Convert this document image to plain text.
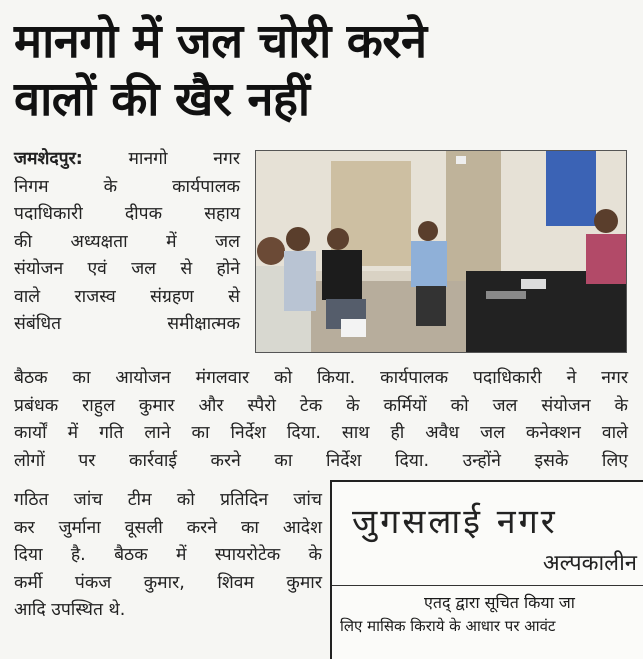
मानगो में जल चोरी करने
वालों की खैर नहीं
जमशेदपुर:	मानगो नगर
निगम के कार्यपालक
पदाधिकारी दीपक सहाय
की अध्यक्षता में जल
संयोजन एवं जल से होने
वाले राजस्व संग्रहण से
संबंधित समीक्षात्मक
बैठक का आयोजन मंगलवार को किया. कार्यपालक पदाधिकारी ने नगर
प्रबंधक राहुल कुमार और स्पैरो टेक के कर्मियों को जल संयोजन के
कार्यों में गति लाने का निर्देश दिया. साथ ही अवैध जल कनेक्शन वाले
लोगों पर कार्रवाई करने का निर्देश दिया. उन्होंने इसके लिए
गठित जांच टीम को प्रतिदिन जांच
कर जुर्माना वूसली करने का आदेश
दिया है. बैठक में स्पायरोटेक के
कर्मी पंकज कुमार, शिवम कुमार
आदि उपस्थित थे.
जुगसलाई नगर
अल्पकालीन
एतद् द्वारा सूचित किया जा
लिए मासिक किराये के आधार पर आवंट
